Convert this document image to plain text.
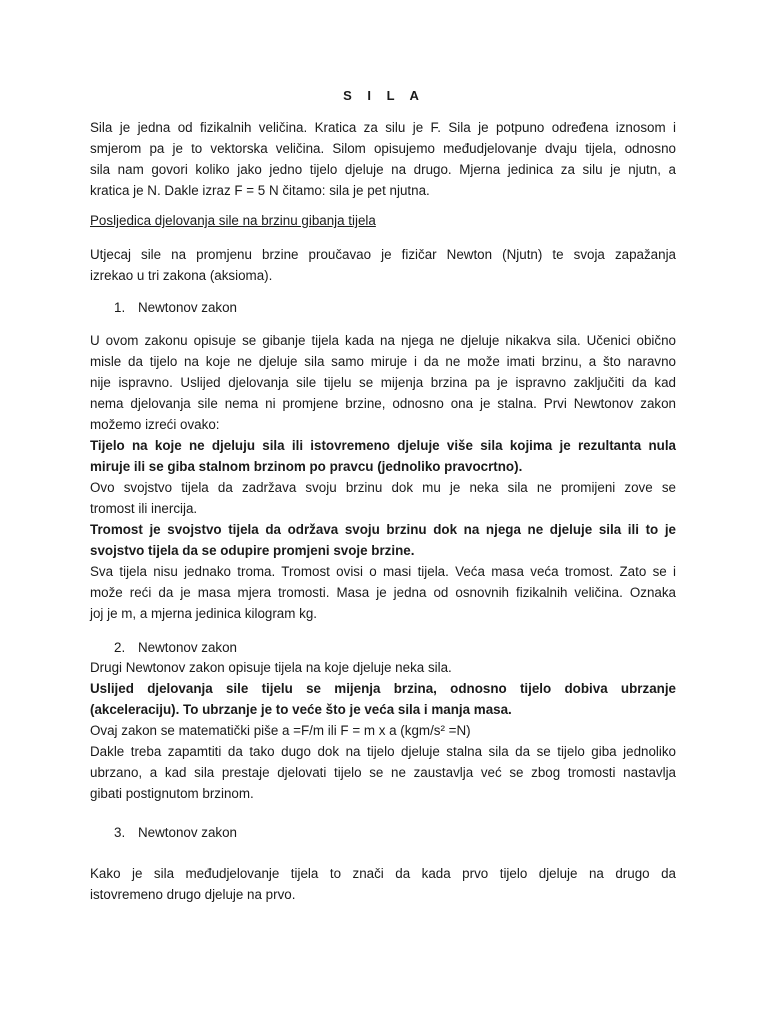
S I L A

Sila je jedna od fizikalnih veličina. Kratica za silu je F. Sila je potpuno određena iznosom i
smjerom pa je to vektorska veličina. Silom opisujemo međudjelovanje dvaju tijela, odnosno
sila nam govori koliko jako jedno tijelo djeluje na drugo. Mjerna jedinica za silu je njutn, a
kratica je N. Dakle izraz F = 5 N čitamo: sila je pet njutna.

Posljedica djelovanja sile na brzinu gibanja tijela

Utjecaj sile na promjenu brzine proučavao je fizičar Newton (Njutn) te svoja zapažanja
izrekao u tri zakona (aksioma).

1. Newtonov zakon

U ovom zakonu opisuje se gibanje tijela kada na njega ne djeluje nikakva sila. Učenici obično
misle da tijelo na koje ne djeluje sila samo miruje i da ne može imati brzinu, a što naravno
nije ispravno. Uslijed djelovanja sile tijelu se mijenja brzina pa je ispravno zaključiti da kad
nema djelovanja sile nema ni promjene brzine, odnosno ona je stalna. Prvi Newtonov zakon
možemo izreći ovako:
Tijelo na koje ne djeluju sila ili istovremeno djeluje više sila kojima je rezultanta nula
miruje ili se giba stalnom brzinom po pravcu (jednoliko pravocrtno).
Ovo svojstvo tijela da zadržava svoju brzinu dok mu je neka sila ne promijeni zove se
tromost ili inercija.
Tromost je svojstvo tijela da održava svoju brzinu dok na njega ne djeluje sila ili to je
svojstvo tijela da se odupire promjeni svoje brzine.
Sva tijela nisu jednako troma. Tromost ovisi o masi tijela. Veća masa veća tromost. Zato se i
može reći da je masa mjera tromosti. Masa je jedna od osnovnih fizikalnih veličina. Oznaka
joj je m, a mjerna jedinica kilogram kg.

2. Newtonov zakon

Drugi Newtonov zakon opisuje tijela na koje djeluje neka sila.
Uslijed djelovanja sile tijelu se mijenja brzina, odnosno tijelo dobiva ubrzanje
(akceleraciju). To ubrzanje je to veće što je veća sila i manja masa.
Ovaj zakon se matematički piše a =F/m ili F = m x a (kgm/s² =N)
Dakle treba zapamtiti da tako dugo dok na tijelo djeluje stalna sila da se tijelo giba jednoliko
ubrzano, a kad sila prestaje djelovati tijelo se ne zaustavlja već se zbog tromosti nastavlja
gibati postignutom brzinom.

3. Newtonov zakon

Kako je sila međudjelovanje tijela to znači da kada prvo tijelo djeluje na drugo da
istovremeno drugo djeluje na prvo.
